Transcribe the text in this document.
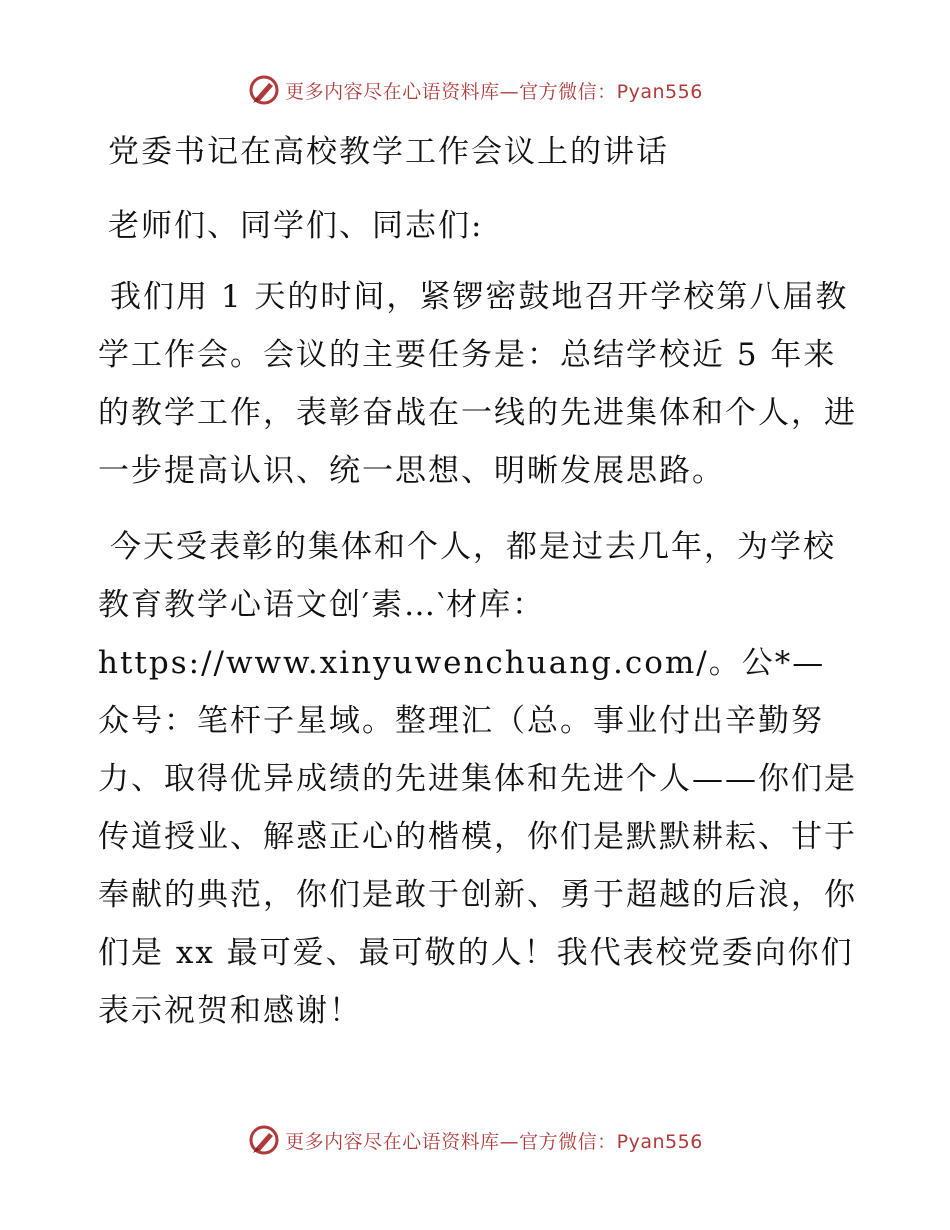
更多内容尽在心语资料库—官方微信：Pyan556
党委书记在高校教学工作会议上的讲话
老师们、同学们、同志们:

我们用 1 天的时间，紧锣密鼓地召开学校第八届教学工作会。会议的主要任务是：总结学校近 5 年来的教学工作，表彰奋战在一线的先进集体和个人，进一步提高认识、统一思想、明晰发展思路。

今天受表彰的集体和个人，都是过去几年，为学校教育教学心语文创′素…‵材库：https://www.xinyuwenchuang.com/。公*—众号：笔杆子星域。整理汇（总。事业付出辛勤努力、取得优异成绩的先进集体和先进个人——你们是传道授业、解惑正心的楷模，你们是默默耕耘、甘于奉献的典范，你们是敢于创新、勇于超越的后浪，你们是 xx 最可爱、最可敬的人！我代表校党委向你们表示祝贺和感谢！

更多内容尽在心语资料库—官方微信：Pyan556
